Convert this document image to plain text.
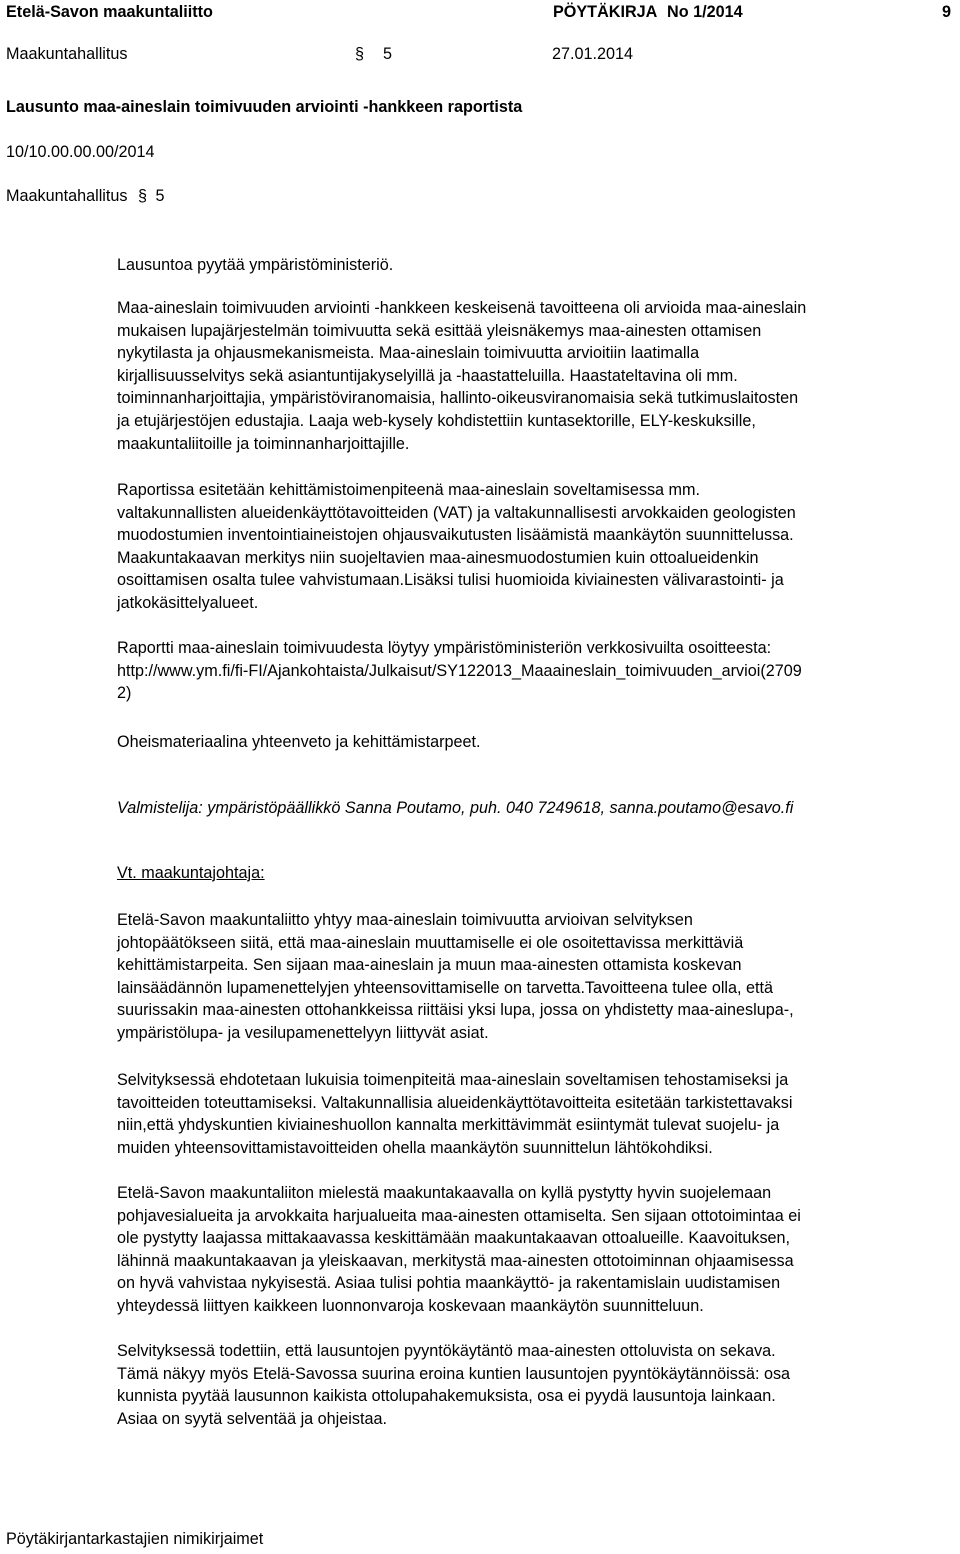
Etelä-Savon maakuntaliitto	PÖYTÄKIRJA No 1/2014	9
Maakuntahallitus	§ 5	27.01.2014
Lausunto maa-aineslain toimivuuden arviointi -hankkeen raportista
10/10.00.00.00/2014
Maakuntahallitus § 5
Lausuntoa pyytää ympäristöministeriö.
Maa-aineslain toimivuuden arviointi -hankkeen keskeisenä tavoitteena oli arvioida maa-aineslain
mukaisen lupajärjestelmän toimivuutta sekä esittää yleisnäkemys maa-ainesten ottamisen
nykytilasta ja ohjausmekanismeista. Maa-aineslain toimivuutta arvioitiin laatimalla
kirjallisuusselvitys sekä asiantuntijakyselyillä ja -haastatteluilla. Haastateltavina oli mm.
toiminnanharjoittajia, ympäristöviranomaisia, hallinto-oikeusviranomaisia sekä tutkimuslaitosten
ja etujärjestöjen edustajia. Laaja web-kysely kohdistettiin kuntasektorille, ELY-keskuksille,
maakuntaliitoille ja toiminnanharjoittajille.
Raportissa esitetään kehittämistoimenpiteenä maa-aineslain soveltamisessa mm.
valtakunnallisten alueidenkäyttötavoitteiden (VAT) ja valtakunnallisesti arvokkaiden geologisten
muodostumien inventointiaineistojen ohjausvaikutusten lisäämistä maankäytön suunnittelussa.
Maakuntakaavan merkitys niin suojeltavien maa-ainesmuodostumien kuin ottoalueidenkin
osoittamisen osalta tulee vahvistumaan.Lisäksi tulisi huomioida kiviainesten välivarastointi- ja
jatkokäsittelyalueet.
Raportti maa-aineslain toimivuudesta löytyy ympäristöministeriön verkkosivuilta osoitteesta:
http://www.ym.fi/fi-FI/Ajankohtaista/Julkaisut/SY122013_Maaaineslain_toimivuuden_arvioi(2709
2)
Oheismateriaalina yhteenveto ja kehittämistarpeet.
Valmistelija: ympäristöpäällikkö Sanna Poutamo, puh. 040 7249618, sanna.poutamo@esavo.fi
Vt. maakuntajohtaja:
Etelä-Savon maakuntaliitto yhtyy maa-aineslain toimivuutta arvioivan selvityksen
johtopäätökseen siitä, että maa-aineslain muuttamiselle ei ole osoitettavissa merkittäviä
kehittämistarpeita. Sen sijaan maa-aineslain ja muun maa-ainesten ottamista koskevan
lainsäädännön lupamenettelyjen yhteensovittamiselle on tarvetta.Tavoitteena tulee olla, että
suurissakin maa-ainesten ottohankkeissa riittäisi yksi lupa, jossa on yhdistetty maa-aineslupa-,
ympäristölupa- ja vesilupamenettelyyn liittyvät asiat.
Selvityksessä ehdotetaan lukuisia toimenpiteitä maa-aineslain soveltamisen tehostamiseksi ja
tavoitteiden toteuttamiseksi. Valtakunnallisia alueidenkäyttötavoitteita esitetään tarkistettavaksi
niin,että yhdyskuntien kiviaineshuollon kannalta merkittävimmät esiintymät tulevat suojelu- ja
muiden yhteensovittamistavoitteiden ohella maankäytön suunnittelun lähtökohdiksi.
Etelä-Savon maakuntaliiton mielestä maakuntakaavalla on kyllä pystytty hyvin suojelemaan
pohjavesialueita ja arvokkaita harjualueita maa-ainesten ottamiselta. Sen sijaan ottotoimintaa ei
ole pystytty laajassa mittakaavassa keskittämään maakuntakaavan ottoalueille. Kaavoituksen,
lähinnä maakuntakaavan ja yleiskaavan, merkitystä maa-ainesten ottotoiminnan ohjaamisessa
on hyvä vahvistaa nykyisestä. Asiaa tulisi pohtia maankäyttö- ja rakentamislain uudistamisen
yhteydessä liittyen kaikkeen luonnonvaroja koskevaan maankäytön suunnitteluun.
Selvityksessä todettiin, että lausuntojen pyyntökäytäntö maa-ainesten ottoluvista on sekava.
Tämä näkyy myös Etelä-Savossa suurina eroina kuntien lausuntojen pyyntökäytännöissä: osa
kunnista pyytää lausunnon kaikista ottolupahakemuksista, osa ei pyydä lausuntoja lainkaan.
Asiaa on syytä selventää ja ohjeistaa.
Pöytäkirjantarkastajien nimikirjaimet
